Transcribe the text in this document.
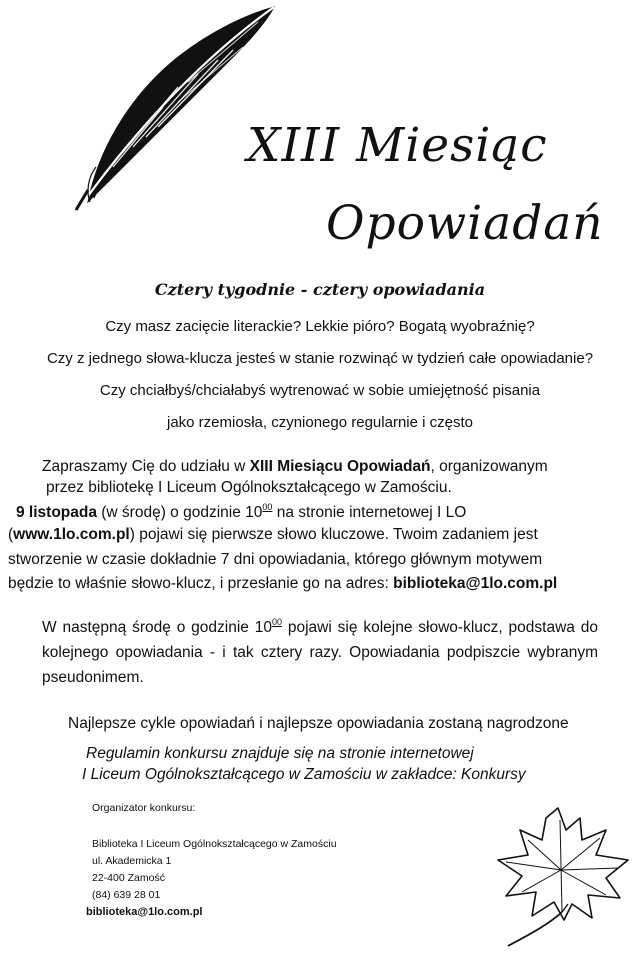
XIII Miesiąc
Opowiadań
Cztery tygodnie - cztery opowiadania
Czy masz zacięcie literackie? Lekkie pióro? Bogatą wyobraźnię?
Czy z jednego słowa-klucza jesteś w stanie rozwinąć w tydzień całe opowiadanie?
Czy chciałbyś/chciałabyś wytrenować w sobie umiejętność pisania
jako rzemiosła, czynionego regularnie i często
Zapraszamy Cię do udziału w XIII Miesiącu Opowiadań, organizowanym
przez bibliotekę I Liceum Ogólnokształcącego w Zamościu.
9 listopada (w środę) o godzinie $10^{00}$ na stronie internetowej I LO
(www.1lo.com.pl) pojawi się pierwsze słowo kluczowe. Twoim zadaniem jest
stworzenie w czasie dokładnie 7 dni opowiadania, którego głównym motywem
będzie to właśnie słowo-klucz, i przesłanie go na adres: biblioteka@1lo.com.pl
W następną środę o godzinie $10^{00}$ pojawi się kolejne słowo-klucz, podstawa do kolejnego opowiadania - i tak cztery razy. Opowiadania podpiszcie wybranym pseudonimem.
Najlepsze cykle opowiadań i najlepsze opowiadania zostaną nagrodzone
Regulamin konkursu znajduje się na stronie internetowej
I Liceum Ogólnokształcącego w Zamościu w zakładce: Konkursy
Organizator konkursu:
Biblioteka I Liceum Ogólnokształcącego w Zamościu
ul. Akademicka 1
22-400 Zamość
(84) 639 28 01
biblioteka@1lo.com.pl
